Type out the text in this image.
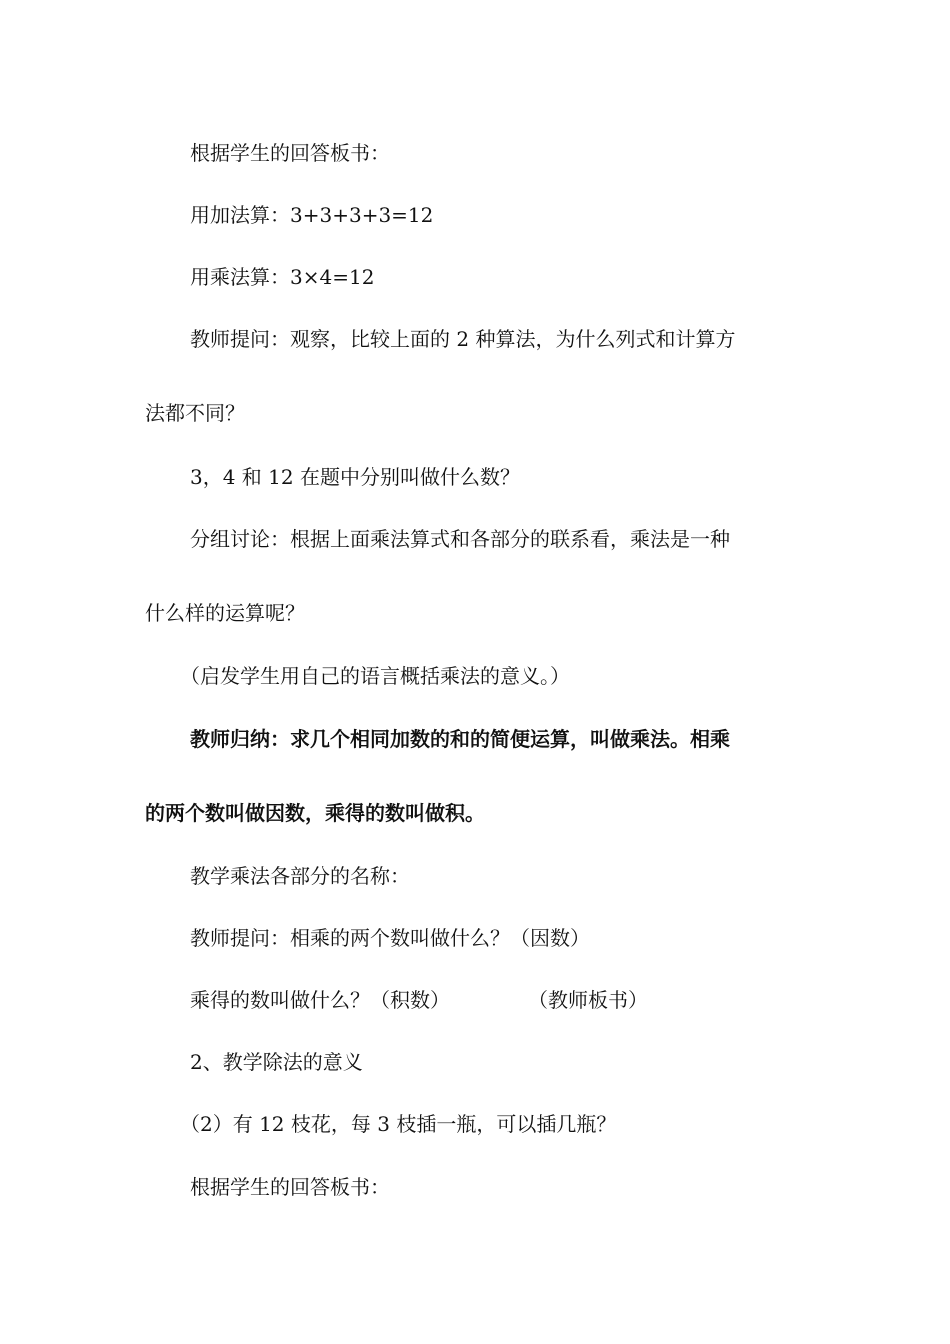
根据学生的回答板书：
用加法算：3+3+3+3=12
用乘法算：3×4=12
教师提问：观察，比较上面的 2 种算法，为什么列式和计算方
法都不同？
3，4 和 12 在题中分别叫做什么数？
分组讨论：根据上面乘法算式和各部分的联系看，乘法是一种
什么样的运算呢？
（启发学生用自己的语言概括乘法的意义。）
教师归纳：求几个相同加数的和的简便运算，叫做乘法。相乘
的两个数叫做因数，乘得的数叫做积。
教学乘法各部分的名称：
教师提问：相乘的两个数叫做什么？（因数）
乘得的数叫做什么？（积数）	（教师板书）
2、教学除法的意义
（2）有 12 枝花，每 3 枝插一瓶，可以插几瓶？
根据学生的回答板书：
